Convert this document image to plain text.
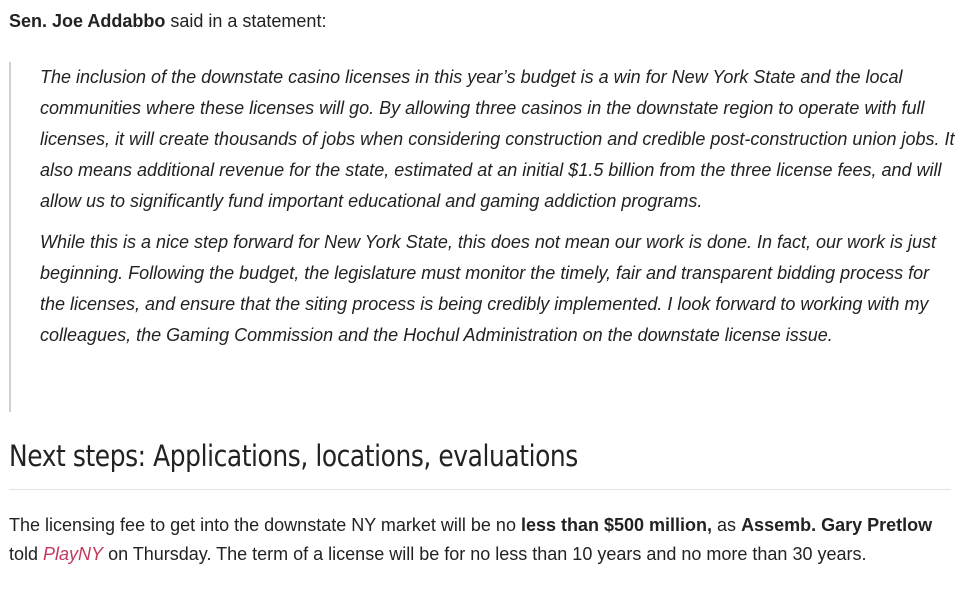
Sen. Joe Addabbo said in a statement:

The inclusion of the downstate casino licenses in this year’s budget is a win for New York State and the local communities where these licenses will go. By allowing three casinos in the downstate region to operate with full licenses, it will create thousands of jobs when considering construction and credible post-construction union jobs. It also means additional revenue for the state, estimated at an initial $1.5 billion from the three license fees, and will allow us to significantly fund important educational and gaming addiction programs.

While this is a nice step forward for New York State, this does not mean our work is done. In fact, our work is just beginning. Following the budget, the legislature must monitor the timely, fair and transparent bidding process for the licenses, and ensure that the siting process is being credibly implemented. I look forward to working with my colleagues, the Gaming Commission and the Hochul Administration on the downstate license issue.

Next steps: Applications, locations, evaluations

The licensing fee to get into the downstate NY market will be no less than $500 million, as Assemb. Gary Pretlow told PlayNY on Thursday. The term of a license will be for no less than 10 years and no more than 30 years.
